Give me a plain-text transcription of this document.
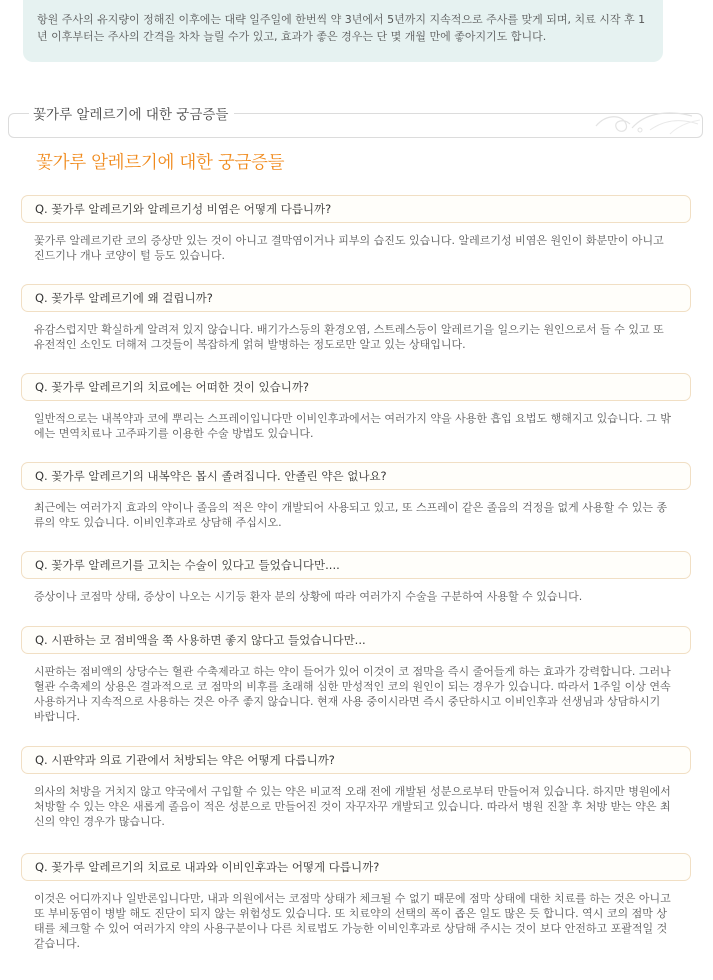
항원 주사의 유지량이 정해진 이후에는 대략 일주일에 한번씩 약 3년에서 5년까지 지속적으로 주사를 맞게 되며, 치료 시작 후 1년 이후부터는 주사의 간격을 차차 늘릴 수가 있고, 효과가 좋은 경우는 단 몇 개월 만에 좋아지기도 합니다.
꽃가루 알레르기에 대한 궁금증들
꽃가루 알레르기에 대한 궁금증들
Q. 꽃가루 알레르기와 알레르기성 비염은 어떻게 다릅니까?
꽃가루 알레르기란 코의 증상만 있는 것이 아니고 결막염이거나 피부의 습진도 있습니다. 알레르기성 비염은 원인이 화분만이 아니고 진드기나 개나 코양이 털 등도 있습니다.
Q. 꽃가루 알레르기에 왜 걸립니까?
유감스럽지만 확실하게 알려져 있지 않습니다. 배기가스등의 환경오염, 스트레스등이 알레르기을 일으키는 원인으로서 들 수 있고 또 유전적인 소인도 더해져 그것들이 복잡하게 얽혀 발병하는 정도로만 알고 있는 상태입니다.
Q. 꽃가루 알레르기의 치료에는 어떠한 것이 있습니까?
일반적으로는 내복약과 코에 뿌리는 스프레이입니다만 이비인후과에서는 여러가지 약을 사용한 흡입 요법도 행해지고 있습니다. 그 밖에는 면역치료나 고주파기를 이용한 수술 방법도 있습니다.
Q. 꽃가루 알레르기의 내복약은 몹시 졸려집니다. 안졸린 약은 없나요?
최근에는 여러가지 효과의 약이나 졸음의 적은 약이 개발되어 사용되고 있고, 또 스프레이 같은 졸음의 걱정을 없게 사용할 수 있는 종류의 약도 있습니다. 이비인후과로 상담해 주십시오.
Q. 꽃가루 알레르기를 고치는 수술이 있다고 들었습니다만....
증상이나 코점막 상태, 증상이 나오는 시기등 환자 분의 상황에 따라 여러가지 수술을 구분하여 사용할 수 있습니다.
Q. 시판하는 코 점비액을 쭉 사용하면 좋지 않다고 들었습니다만...
시판하는 점비액의 상당수는 혈관 수축제라고 하는 약이 들어가 있어 이것이 코 점막을 즉시 줄어들게 하는 효과가 강력합니다. 그러나 혈관 수축제의 상용은 결과적으로 코 점막의 비후를 초래해 심한 만성적인 코의 원인이 되는 경우가 있습니다. 따라서 1주일 이상 연속 사용하거나 지속적으로 사용하는 것은 아주 좋지 않습니다. 현재 사용 중이시라면 즉시 중단하시고 이비인후과 선생님과 상담하시기 바랍니다.
Q. 시판약과 의료 기관에서 처방되는 약은 어떻게 다릅니까?
의사의 처방을 거치지 않고 약국에서 구입할 수 있는 약은 비교적 오래 전에 개발된 성분으로부터 만들어져 있습니다. 하지만 병원에서 처방할 수 있는 약은 새롭게 졸음이 적은 성분으로 만들어진 것이 자꾸자꾸 개발되고 있습니다. 따라서 병원 진찰 후 처방 받는 약은 최신의 약인 경우가 많습니다.
Q. 꽃가루 알레르기의 치료로 내과와 이비인후과는 어떻게 다릅니까?
이것은 어디까지나 일반론입니다만, 내과 의원에서는 코점막 상태가 체크될 수 없기 때문에 점막 상태에 대한 치료를 하는 것은 아니고 또 부비동염이 병발 해도 진단이 되지 않는 위험성도 있습니다. 또 치료약의 선택의 폭이 좁은 일도 많은 듯 합니다. 역시 코의 점막 상태를 체크할 수 있어 여러가지 약의 사용구분이나 다른 치료법도 가능한 이비인후과로 상담해 주시는 것이 보다 안전하고 포괄적일 것 같습니다.
